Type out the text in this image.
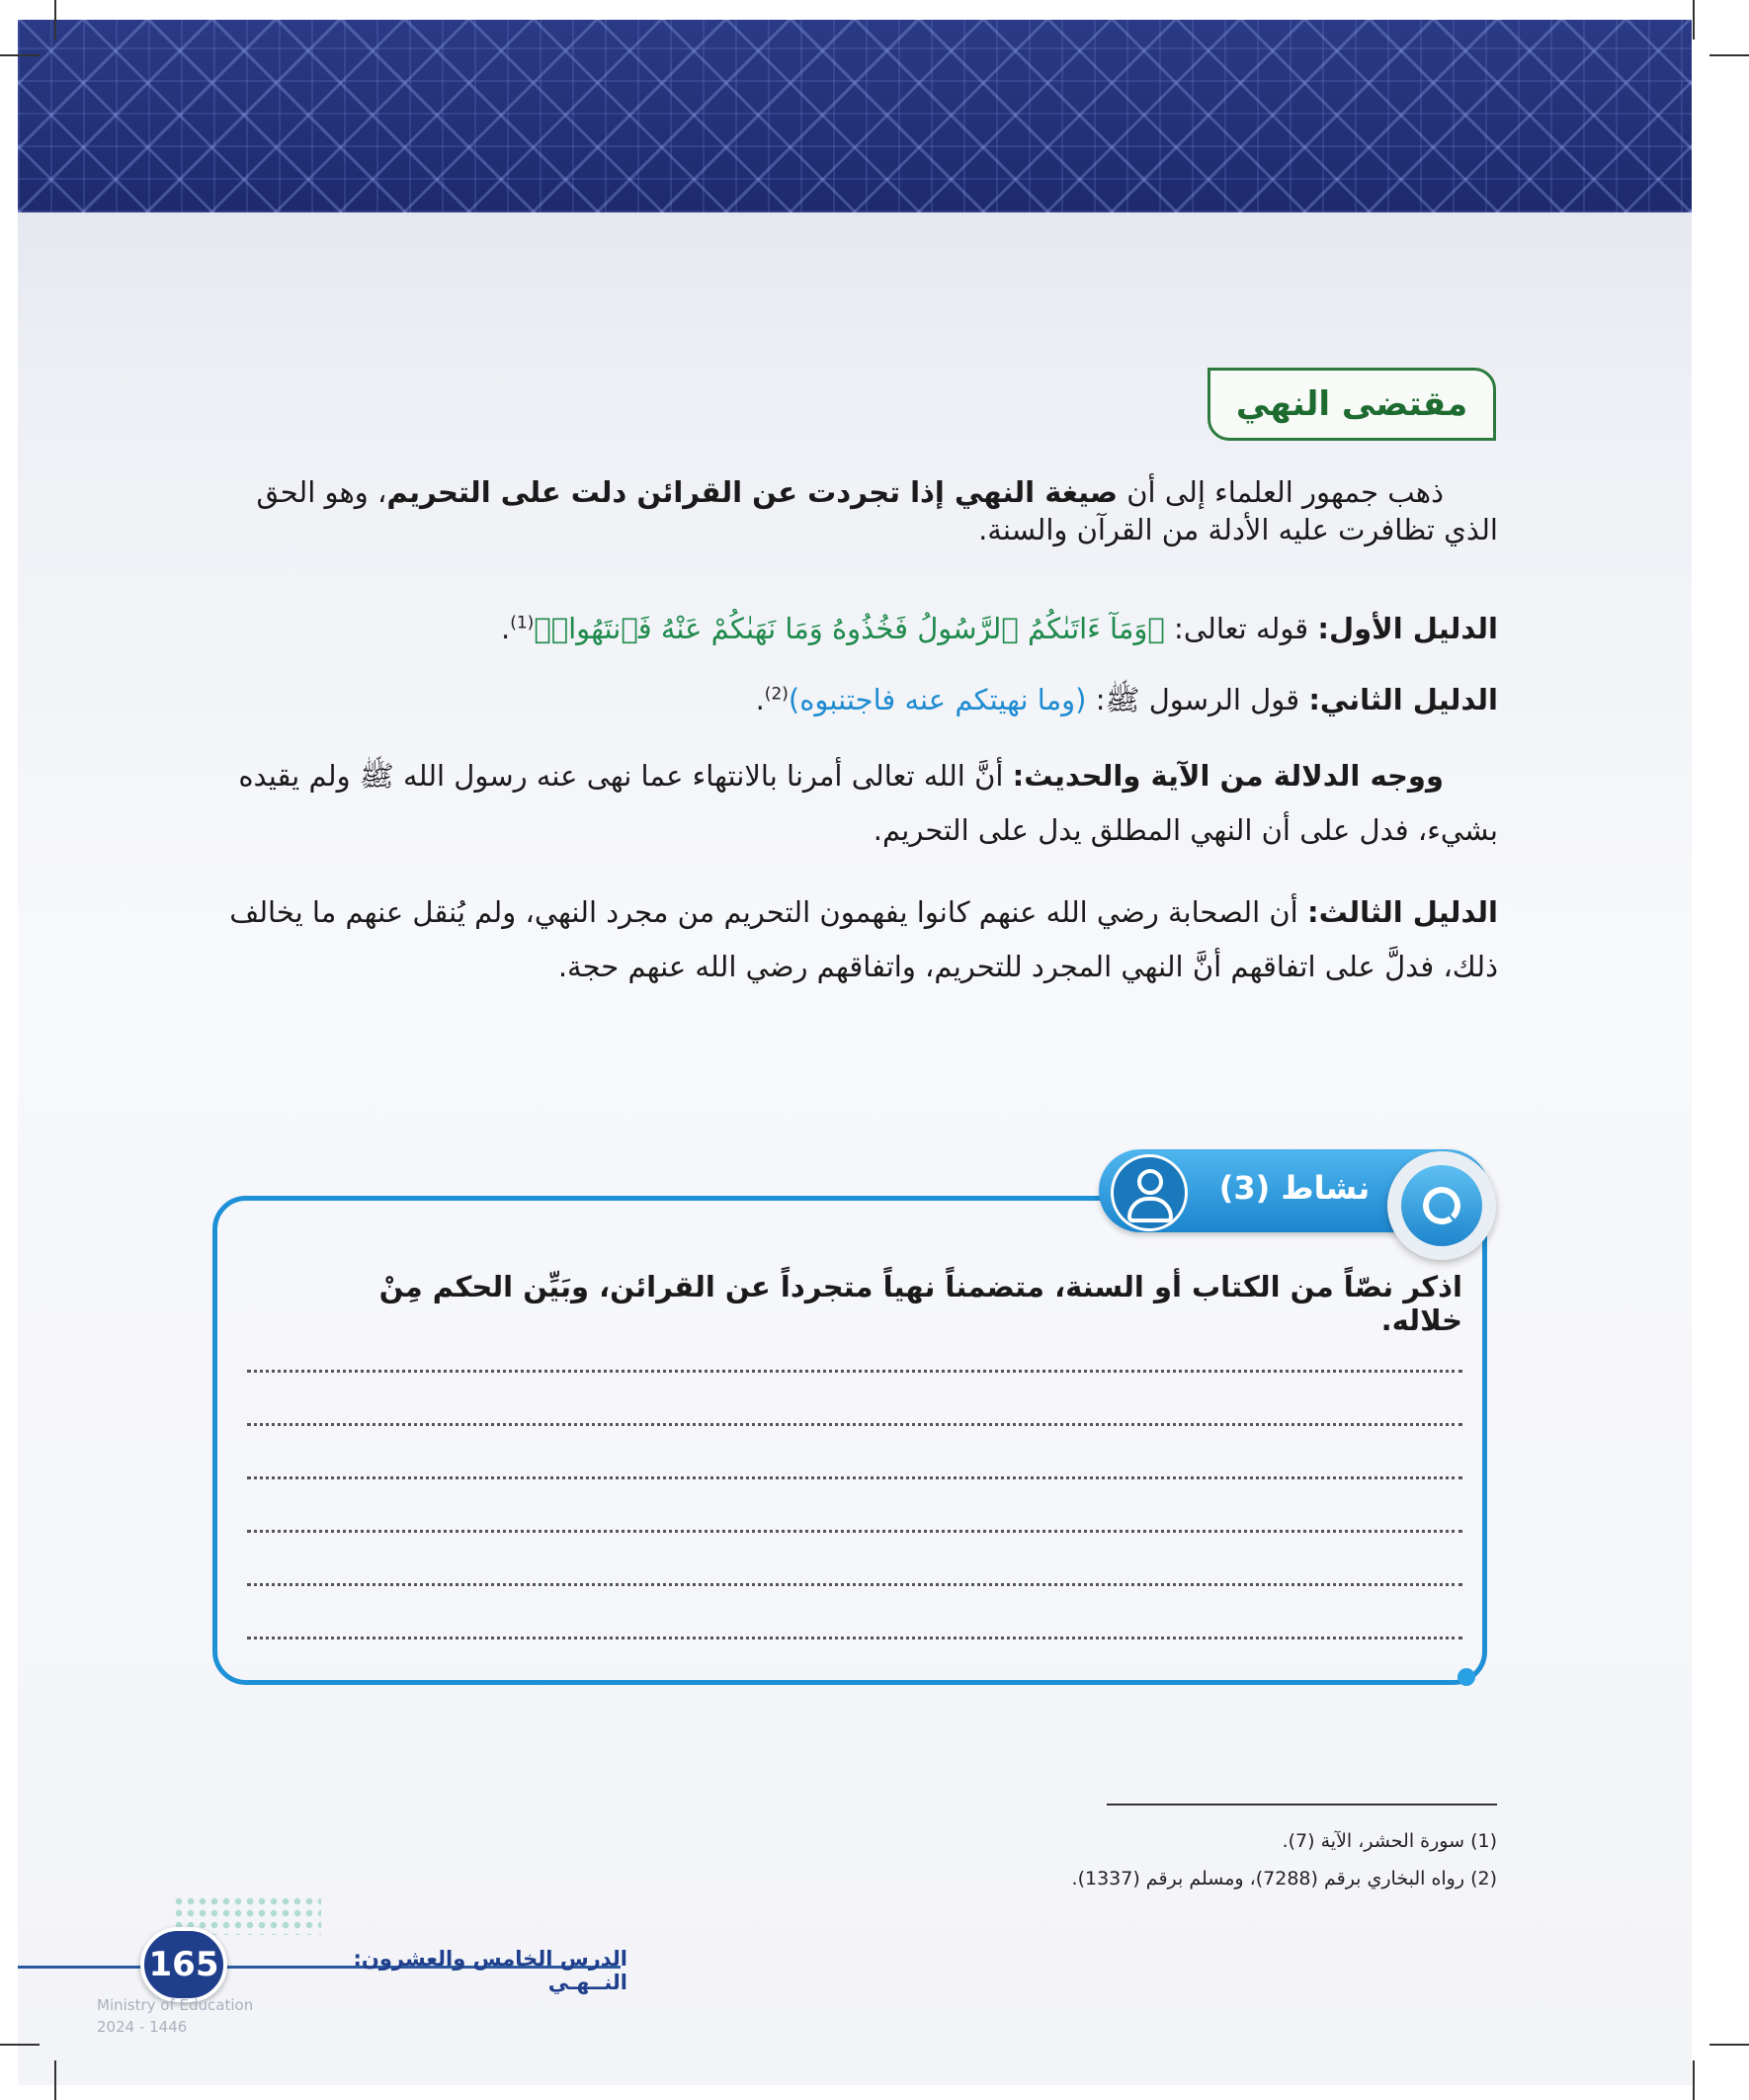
مقتضى النهي
ذهب جمهور العلماء إلى أن صيغة النهي إذا تجردت عن القرائن دلت على التحريم، وهو الحق الذي تظافرت عليه الأدلة من القرآن والسنة.
الدليل الأول: قوله تعالى: ﴿وَمَآ ءَاتَىٰكُمُ ٱلرَّسُولُ فَخُذُوهُ وَمَا نَهَىٰكُمْ عَنْهُ فَٱنتَهُوا۟﴾$^{(1)}$.
الدليل الثاني: قول الرسول ﷺ: (وما نهيتكم عنه فاجتنبوه)$^{(2)}$.
ووجه الدلالة من الآية والحديث: أنَّ الله تعالى أمرنا بالانتهاء عما نهى عنه رسول الله ﷺ ولم يقيده بشيء، فدل على أن النهي المطلق يدل على التحريم.
الدليل الثالث: أن الصحابة رضي الله عنهم كانوا يفهمون التحريم من مجرد النهي، ولم يُنقل عنهم ما يخالف ذلك، فدلَّ على اتفاقهم أنَّ النهي المجرد للتحريم، واتفاقهم رضي الله عنهم حجة.
نشاط (3)
اذكر نصّاً من الكتاب أو السنة، متضمناً نهياً متجرداً عن القرائن، وبَيِّن الحكم مِنْ خلاله.
(1) سورة الحشر، الآية (7).
(2) رواه البخاري برقم (7288)، ومسلم برقم (1337).
165	الدرس الخامس والعشرون: النــهـي
Ministry of Education
2024 - 1446
